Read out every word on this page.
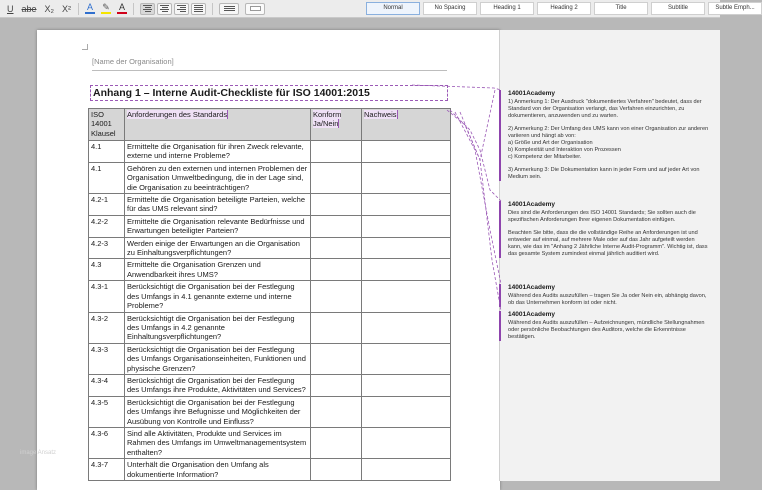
U abe X₂ X² A ✎ A	Normal	No Spacing	Heading 1	Heading 2	Title	Subtitle	Subtle Emph...
[Name der Organisation]
Anhang 1 – Interne Audit-Checkliste für ISO 14001:2015
ISO 14001 Klausel	Anforderungen des Standards	Konform Ja/Nein	Nachweis
4.1	Ermittelte die Organisation für ihren Zweck relevante, externe und interne Probleme?		
4.1	Gehören zu den externen und internen Problemen der Organisation Umweltbedingung, die in der Lage sind, die Organisation zu beeinträchtigen?		
4.2-1	Ermittelte die Organisation beteiligte Parteien, welche für das UMS relevant sind?		
4.2-2	Ermittelte die Organisation relevante Bedürfnisse und Erwartungen beteiligter Parteien?		
4.2-3	Werden einige der Erwartungen an die Organisation zu Einhaltungsverpflichtungen?		
4.3	Ermittelte die Organisation Grenzen und Anwendbarkeit ihres UMS?		
4.3-1	Berücksichtigt die Organisation bei der Festlegung des Umfangs in 4.1 genannte externe und interne Probleme?		
4.3-2	Berücksichtigt die Organisation bei der Festlegung des Umfangs in 4.2 genannte Einhaltungsverpflichtungen?		
4.3-3	Berücksichtigt die Organisation bei der Festlegung des Umfangs Organisationseinheiten, Funktionen und physische Grenzen?		
4.3-4	Berücksichtigt die Organisation bei der Festlegung des Umfangs ihre Produkte, Aktivitäten und Services?		
4.3-5	Berücksichtigt die Organisation bei der Festlegung des Umfangs ihre Befugnisse und Möglichkeiten der Ausübung von Kontrolle und Einfluss?		
4.3-6	Sind alle Aktivitäten, Produkte und Services im Rahmen des Umfangs im Umweltmanagementsystem enthalten?		
4.3-7	Unterhält die Organisation den Umfang als dokumentierte Information?		
14001Academy

1) Anmerkung 1: Der Ausdruck "dokumentiertes Verfahren" bedeutet, dass der Standard von der Organisation verlangt, das Verfahren einzurichten, zu dokumentieren, anzuwenden und zu warten.

2) Anmerkung 2: Der Umfang des UMS kann von einer Organisation zur anderen variieren und hängt ab von:
a) Größe und Art der Organisation
b) Komplexität und Interaktion von Prozessen
c) Kompetenz der Mitarbeiter.

3) Anmerkung 3: Die Dokumentation kann in jeder Form und auf jeder Art von Medium sein.

14001Academy

Dies sind die Anforderungen des ISO 14001 Standards; Sie sollten auch die spezifischen Anforderungen Ihrer eigenen Dokumentation einfügen.

Beachten Sie bitte, dass die die vollständige Reihe an Anforderungen ist und entweder auf einmal, auf mehrere Male oder auf das Jahr aufgeteilt werden kann, wie das im "Anhang 2 Jährliche Interne Audit-Programm". Wichtig ist, dass das gesamte System zumindest einmal jährlich auditiert wird.

14001Academy

Während des Audits auszufüllen – tragen Sie Ja oder Nein ein, abhängig davon, ob das Unternehmen konform ist oder nicht.

14001Academy

Während des Audits auszufüllen – Aufzeichnungen, mündliche Stellungnahmen oder persönliche Beobachtungen des Auditors, welche die Erkenntnisse bestätigen.

image Ansatz
